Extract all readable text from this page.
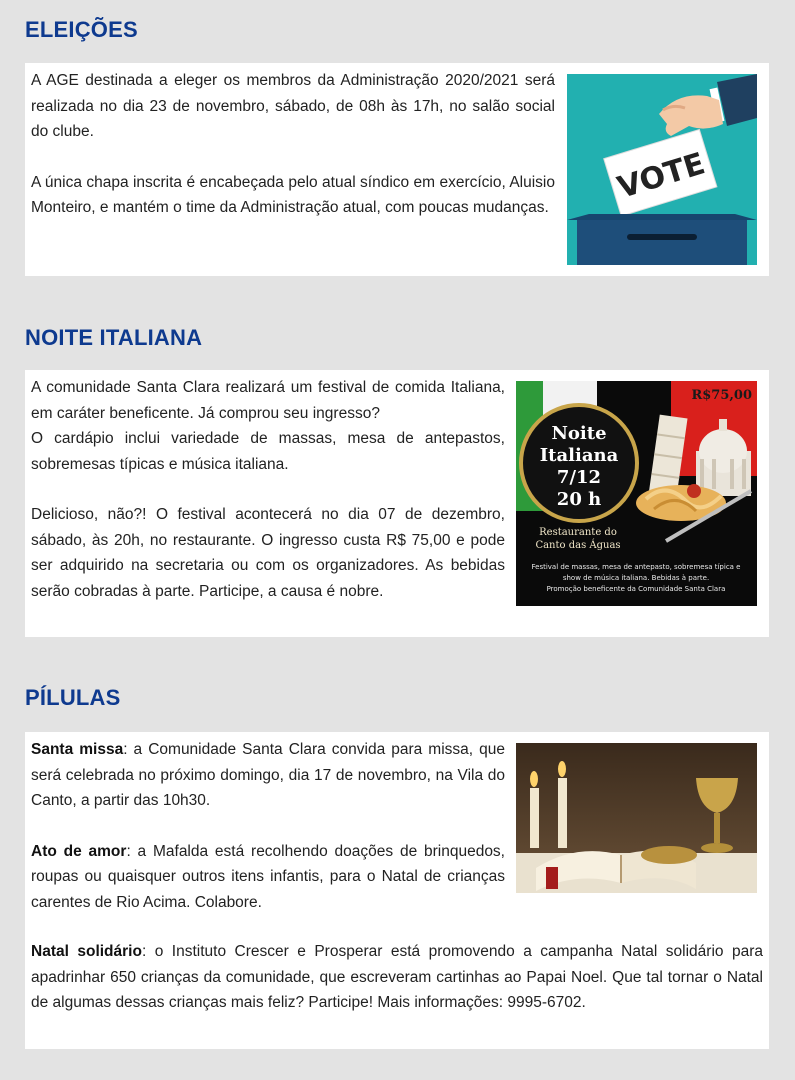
ELEIÇÕES

A AGE destinada a eleger os membros da Administração 2020/2021 será realizada no dia 23 de novembro, sábado, de 08h às 17h, no salão social do clube.

A única chapa inscrita é encabeçada pelo atual síndico em exercício, Aluisio Monteiro, e mantém o time da Administração atual, com poucas mudanças.

VOTE
NOITE ITALIANA

A comunidade Santa Clara realizará um festival de comida Italiana, em caráter beneficente. Já comprou seu ingresso?

O cardápio inclui variedade de massas, mesa de antepastos, sobremesas típicas e música italiana.

Delicioso, não?! O festival acontecerá no dia 07 de dezembro, sábado, às 20h, no restaurante. O ingresso custa R$ 75,00 e pode ser adquirido na secretaria ou com os organizadores. As bebidas serão cobradas à parte. Participe, a causa é nobre.

Noite
Italiana
7/12
20 h
R$75,00
Restaurante do
Canto das Águas
Festival de massas, mesa de antepasto, sobremesa típica e
show de música italiana. Bebidas à parte.
Promoção beneficente da Comunidade Santa Clara
PÍLULAS

Santa missa: a Comunidade Santa Clara convida para missa, que será celebrada no próximo domingo, dia 17 de novembro, na Vila do Canto, a partir das 10h30.

Ato de amor: a Mafalda está recolhendo doações de brinquedos, roupas ou quaisquer outros itens infantis, para o Natal de crianças carentes de Rio Acima. Colabore.

Natal solidário: o Instituto Crescer e Prosperar está promovendo a campanha Natal solidário para apadrinhar 650 crianças da comunidade, que escreveram cartinhas ao Papai Noel. Que tal tornar o Natal de algumas dessas crianças mais feliz? Participe! Mais informações: 9995-6702.
